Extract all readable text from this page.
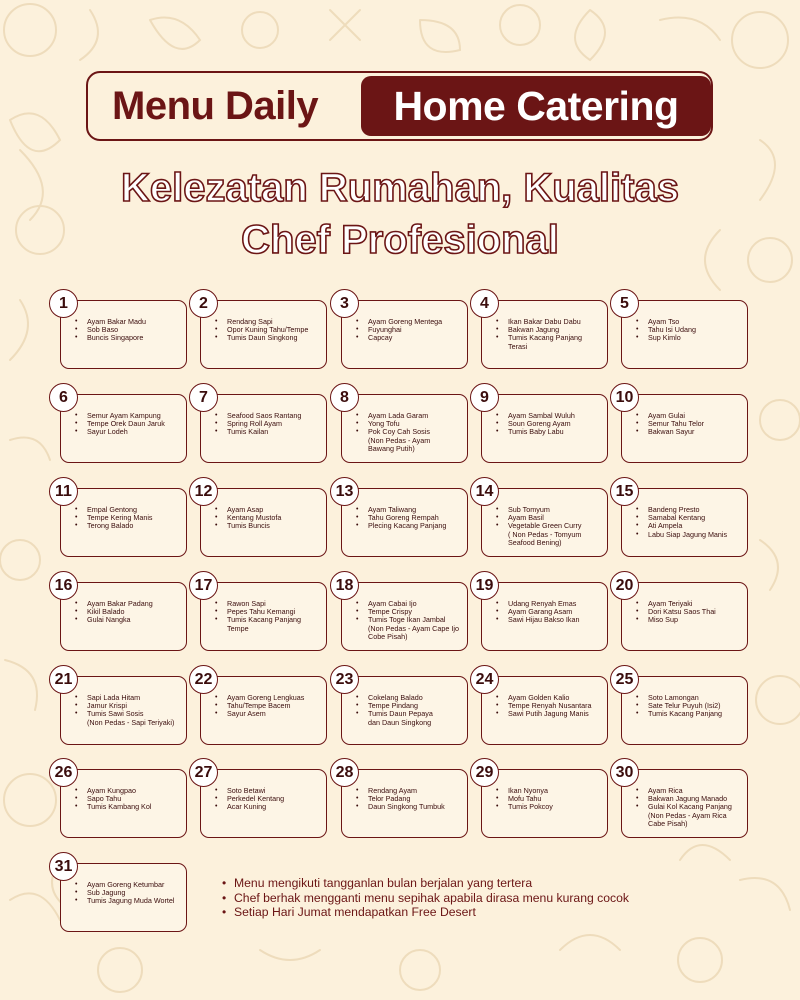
Menu Daily	Home Catering
Kelezatan Rumahan, Kualitas
Chef Profesional
1
• Ayam Bakar Madu
• Sob Baso
• Buncis Singapore
2
• Rendang Sapi
• Opor Kuning Tahu/Tempe
• Tumis Daun Singkong
3
• Ayam Goreng Mentega
• Fuyunghai
• Capcay
4
• Ikan Bakar Dabu Dabu
• Bakwan Jagung
• Tumis Kacang Panjang
Terasi
5
• Ayam Tso
• Tahu Isi Udang
• Sup Kimlo
6
• Semur Ayam Kampung
• Tempe Orek Daun Jaruk
• Sayur Lodeh
7
• Seafood Saos Rantang
• Spring Roll Ayam
• Tumis Kailan
8
• Ayam Lada Garam
• Yong Tofu
• Pok Coy Cah Sosis
(Non Pedas - Ayam
Bawang Putih)
9
• Ayam Sambal Wuluh
• Soun Goreng Ayam
• Tumis Baby Labu
10
• Ayam Gulai
• Semur Tahu Telor
• Bakwan Sayur
11
• Empal Gentong
• Tempe Kering Manis
• Terong Balado
12
• Ayam Asap
• Kentang Mustofa
• Tumis Buncis
13
• Ayam Taliwang
• Tahu Goreng Rempah
• Plecing Kacang Panjang
14
• Sub Tomyum
• Ayam Basil
• Vegetable Green Curry
( Non Pedas - Tomyum
Seafood Bening)
15
• Bandeng Presto
• Samabal Kentang
• Ati Ampela
• Labu Siap Jagung Manis
16
• Ayam Bakar Padang
• Kikil Balado
• Gulai Nangka
17
• Rawon Sapi
• Pepes Tahu Kemangi
• Tumis Kacang Panjang
Tempe
18
• Ayam Cabai Ijo
• Tempe Crispy
• Tumis Toge Ikan Jambal
(Non Pedas - Ayam Cape Ijo
Cobe Pisah)
19
• Udang Renyah Emas
• Ayam Garang Asam
• Sawi Hijau Bakso Ikan
20
• Ayam Teriyaki
• Dori Katsu Saos Thai
• Miso Sup
21
• Sapi Lada Hitam
• Jamur Krispi
• Tumis Sawi Sosis
(Non Pedas - Sapi Teriyaki)
22
• Ayam Goreng Lengkuas
• Tahu/Tempe Bacem
• Sayur Asem
23
• Cokelang Balado
• Tempe Pindang
• Tumis Daun Pepaya
dan Daun Singkong
24
• Ayam Golden Kalio
• Tempe Renyah Nusantara
• Sawi Putih Jagung Manis
25
• Soto Lamongan
• Sate Telur Puyuh (Isi2)
• Tumis Kacang Panjang
26
• Ayam Kungpao
• Sapo Tahu
• Tumis Kambang Kol
27
• Soto Betawi
• Perkedel Kentang
• Acar Kuning
28
• Rendang Ayam
• Telor Padang
• Daun Singkong Tumbuk
29
• Ikan Nyonya
• Mofu Tahu
• Tumis Pokcoy
30
• Ayam Rica
• Bakwan Jagung Manado
• Gulai Kol Kacang Panjang
(Non Pedas - Ayam Rica
Cabe Pisah)
31
• Ayam Goreng Ketumbar
• Sub Jagung
• Tumis Jagung Muda Wortel
• Menu mengikuti tangganlan bulan berjalan yang tertera
• Chef berhak mengganti menu sepihak apabila dirasa menu kurang cocok
• Setiap Hari Jumat mendapatkan Free Desert
